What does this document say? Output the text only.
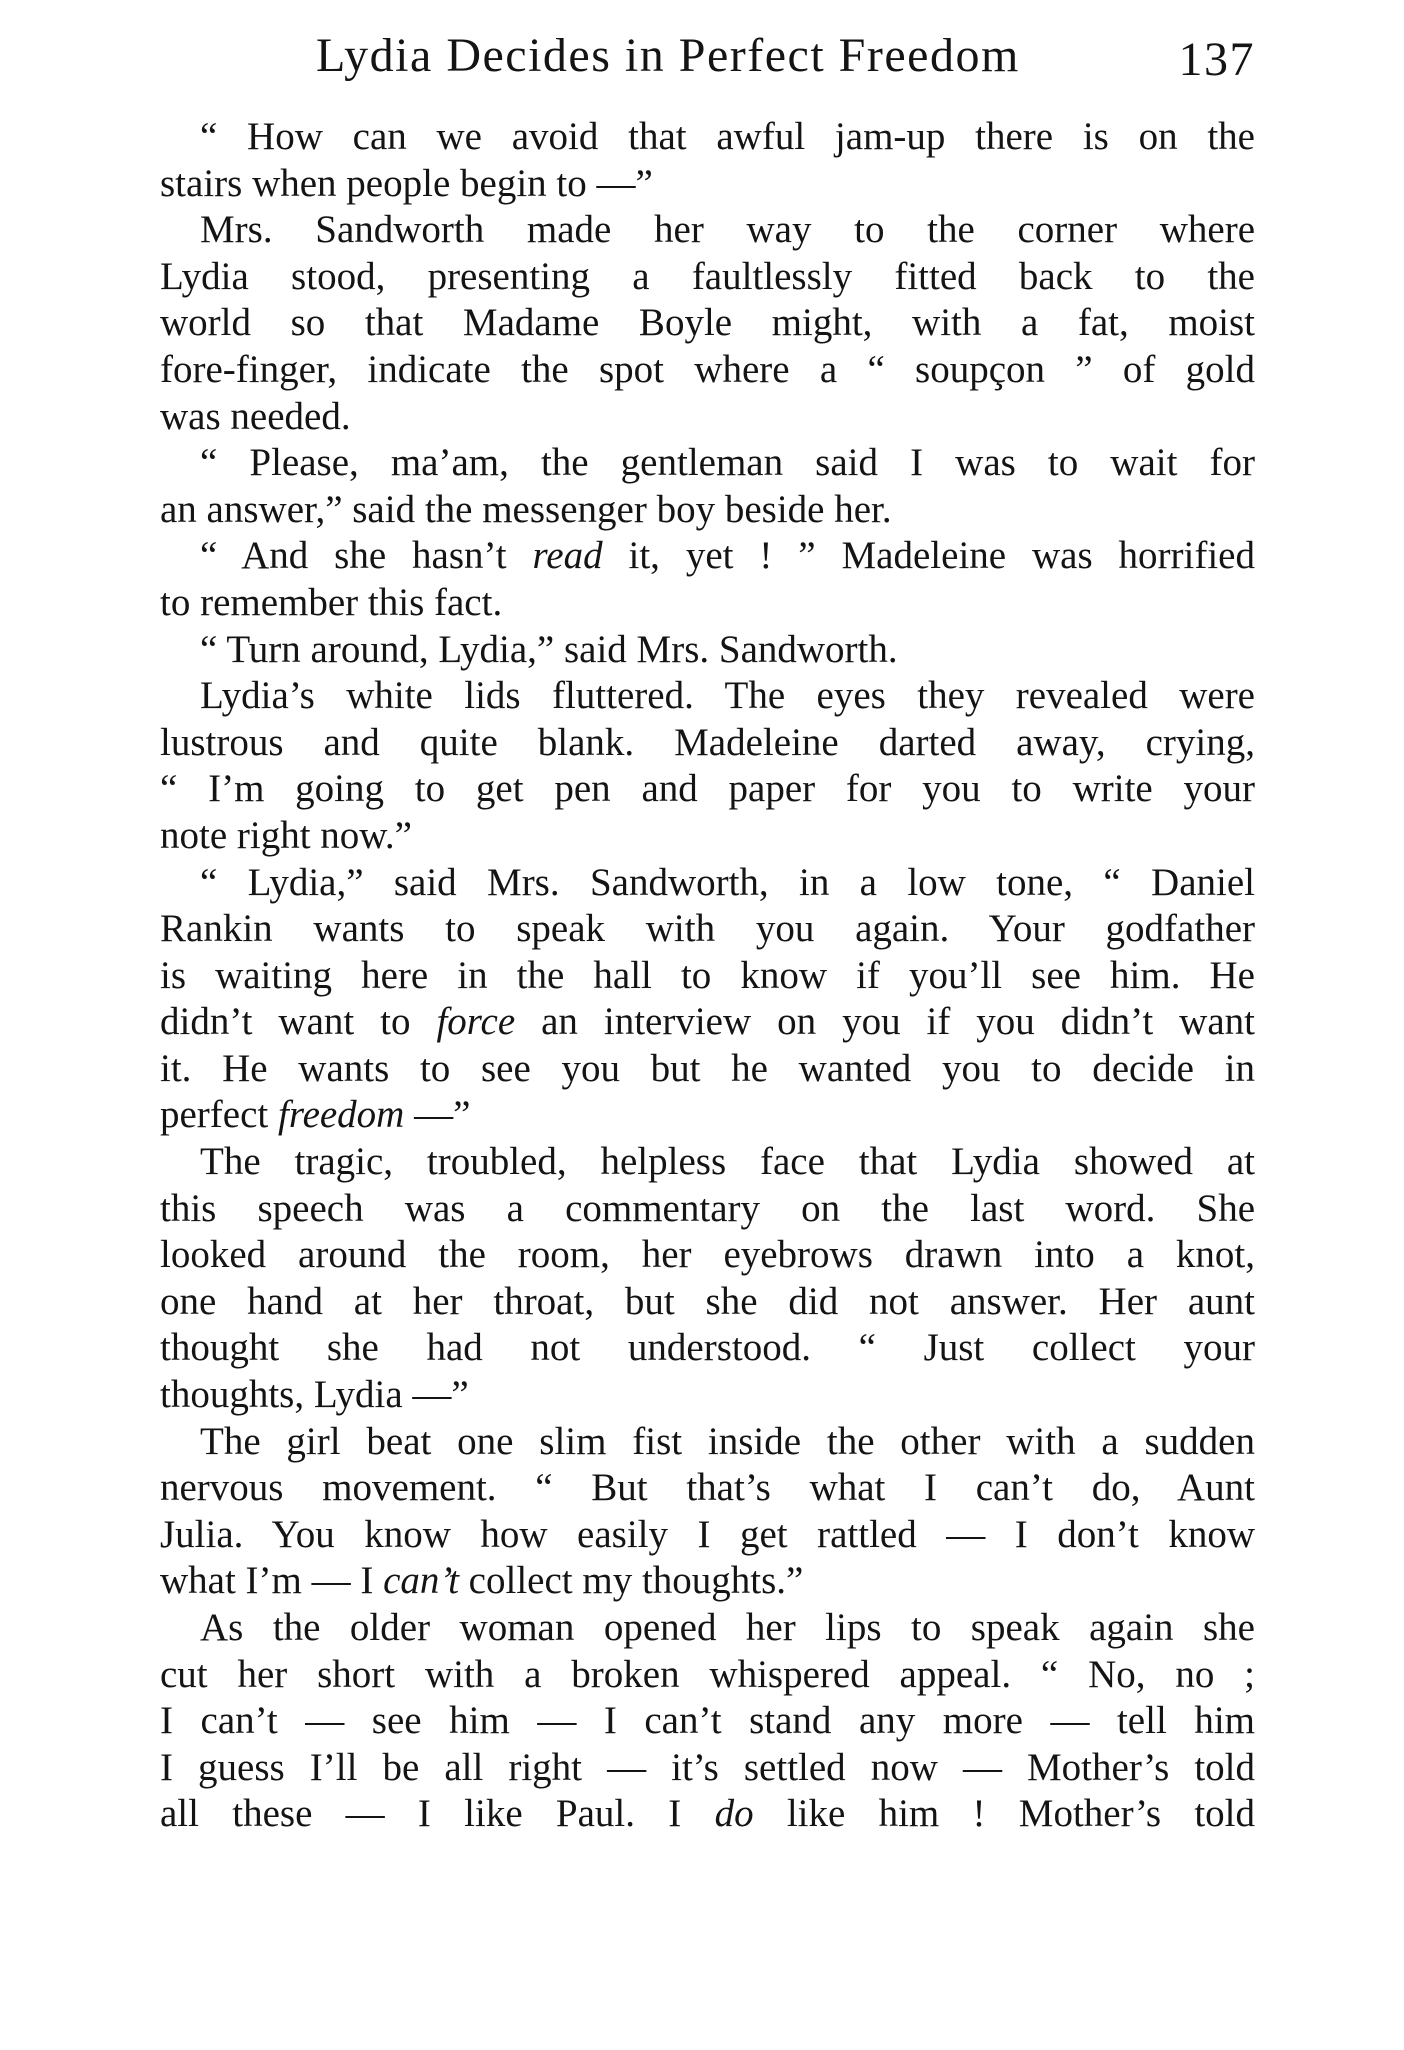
Lydia Decides in Perfect Freedom	137
“ How can we avoid that awful jam-up there is on the
stairs when people begin to —”
Mrs. Sandworth made her way to the corner where
Lydia stood, presenting a faultlessly fitted back to the
world so that Madame Boyle might, with a fat, moist
fore-finger, indicate the spot where a “ soupçon ” of gold
was needed.
“ Please, ma’am, the gentleman said I was to wait for
an answer,” said the messenger boy beside her.
“ And she hasn’t read it, yet ! ” Madeleine was horrified
to remember this fact.
“ Turn around, Lydia,” said Mrs. Sandworth.
Lydia’s white lids fluttered. The eyes they revealed were
lustrous and quite blank. Madeleine darted away, crying,
“ I’m going to get pen and paper for you to write your
note right now.”
“ Lydia,” said Mrs. Sandworth, in a low tone, “ Daniel
Rankin wants to speak with you again. Your godfather
is waiting here in the hall to know if you’ll see him. He
didn’t want to force an interview on you if you didn’t want
it. He wants to see you but he wanted you to decide in
perfect freedom —”
The tragic, troubled, helpless face that Lydia showed at
this speech was a commentary on the last word. She
looked around the room, her eyebrows drawn into a knot,
one hand at her throat, but she did not answer. Her aunt
thought she had not understood. “ Just collect your
thoughts, Lydia —”
The girl beat one slim fist inside the other with a sudden
nervous movement. “ But that’s what I can’t do, Aunt
Julia. You know how easily I get rattled — I don’t know
what I’m — I can’t collect my thoughts.”
As the older woman opened her lips to speak again she
cut her short with a broken whispered appeal. “ No, no ;
I can’t — see him — I can’t stand any more — tell him
I guess I’ll be all right — it’s settled now — Mother’s told
all these — I like Paul. I do like him ! Mother’s told
